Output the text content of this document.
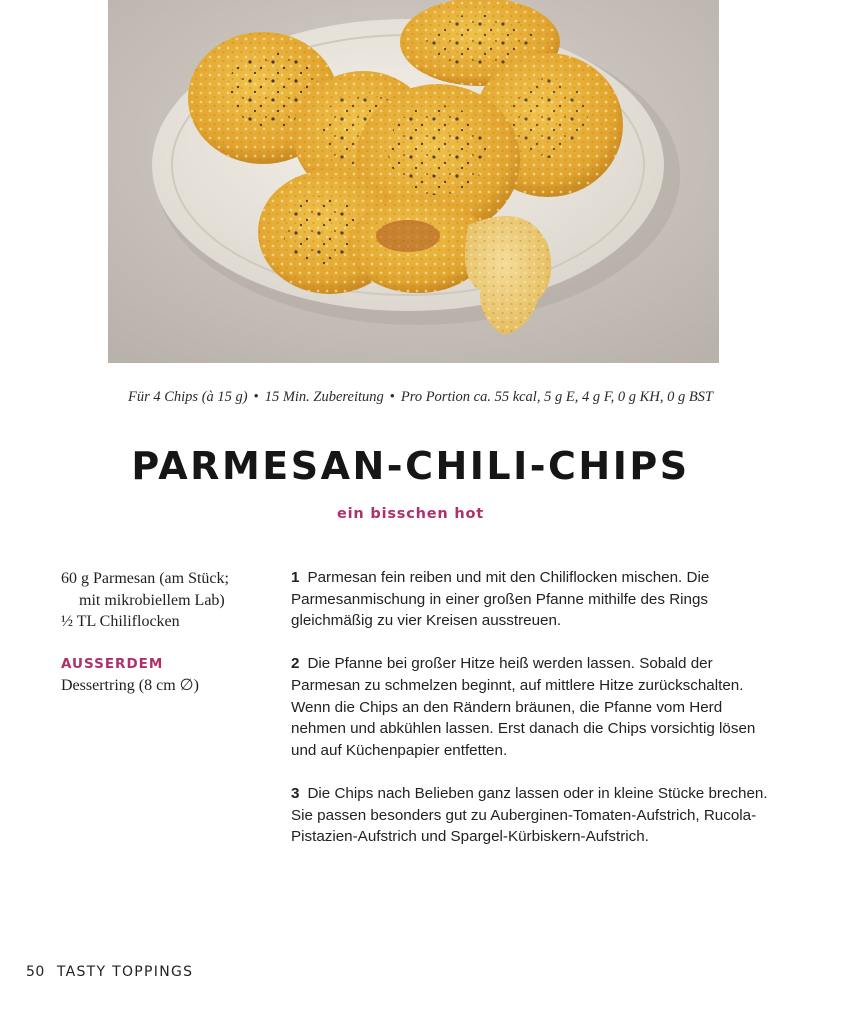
Für 4 Chips (à 15 g) • 15 Min. Zubereitung • Pro Portion ca. 55 kcal, 5 g E, 4 g F, 0 g KH, 0 g BST
PARMESAN-CHILI-CHIPS
ein bisschen hot
60 g Parmesan (am Stück;
mit mikrobiellem Lab)
½ TL Chiliflocken
AUSSERDEM
Dessertring (8 cm ∅)
1 Parmesan fein reiben und mit den Chiliflocken mischen. Die Parmesanmischung in einer großen Pfanne mithilfe des Rings gleichmäßig zu vier Kreisen ausstreuen.
2 Die Pfanne bei großer Hitze heiß werden lassen. Sobald der Parmesan zu schmelzen beginnt, auf mittlere Hitze zurückschalten. Wenn die Chips an den Rändern bräunen, die Pfanne vom Herd nehmen und abkühlen lassen. Erst danach die Chips vorsichtig lösen und auf Küchenpapier entfetten.
3 Die Chips nach Belieben ganz lassen oder in kleine Stücke brechen. Sie passen besonders gut zu Auberginen-Tomaten-Aufstrich, Rucola-Pistazien-Aufstrich und Spargel-Kürbiskern-Aufstrich.
50 TASTY TOPPINGS
